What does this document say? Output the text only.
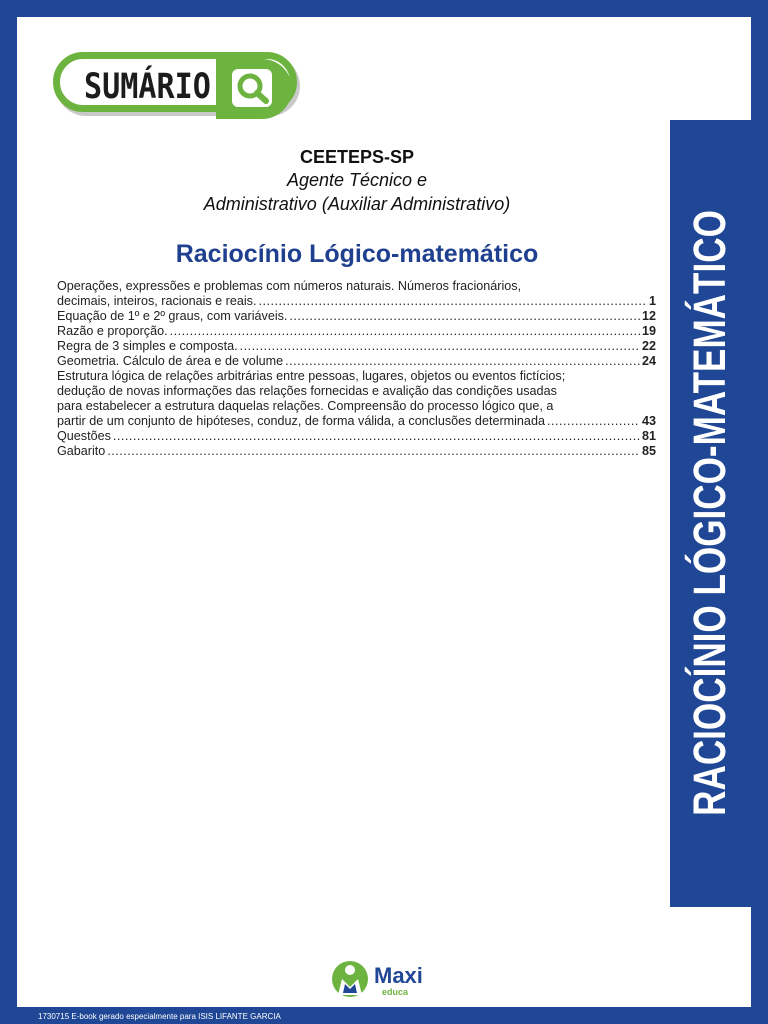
SUMÁRIO
CEETEPS-SP
Agente Técnico e
Administrativo (Auxiliar Administrativo)
Raciocínio Lógico-matemático
Operações, expressões e problemas com números naturais. Números fracionários,
decimais, inteiros, racionais e reais. .....	1
Equação de 1º e 2º graus, com variáveis. .....	12
Razão e proporção. .....	19
Regra de 3 simples e composta. .....	22
Geometria. Cálculo de área e de volume .....	24
Estrutura lógica de relações arbitrárias entre pessoas, lugares, objetos ou eventos fictícios;
dedução de novas informações das relações fornecidas e avalição das condições usadas
para estabelecer a estrutura daquelas relações. Compreensão do processo lógico que, a
partir de um conjunto de hipóteses, conduz, de forma válida, a conclusões determinada .....	43
Questões .....	81
Gabarito .....	85 RACIOCÍNIO LÓGICO-MATEMÁTICO
Maxi
educa
1730715 E-book gerado especialmente para ISIS LIFANTE GARCIA
